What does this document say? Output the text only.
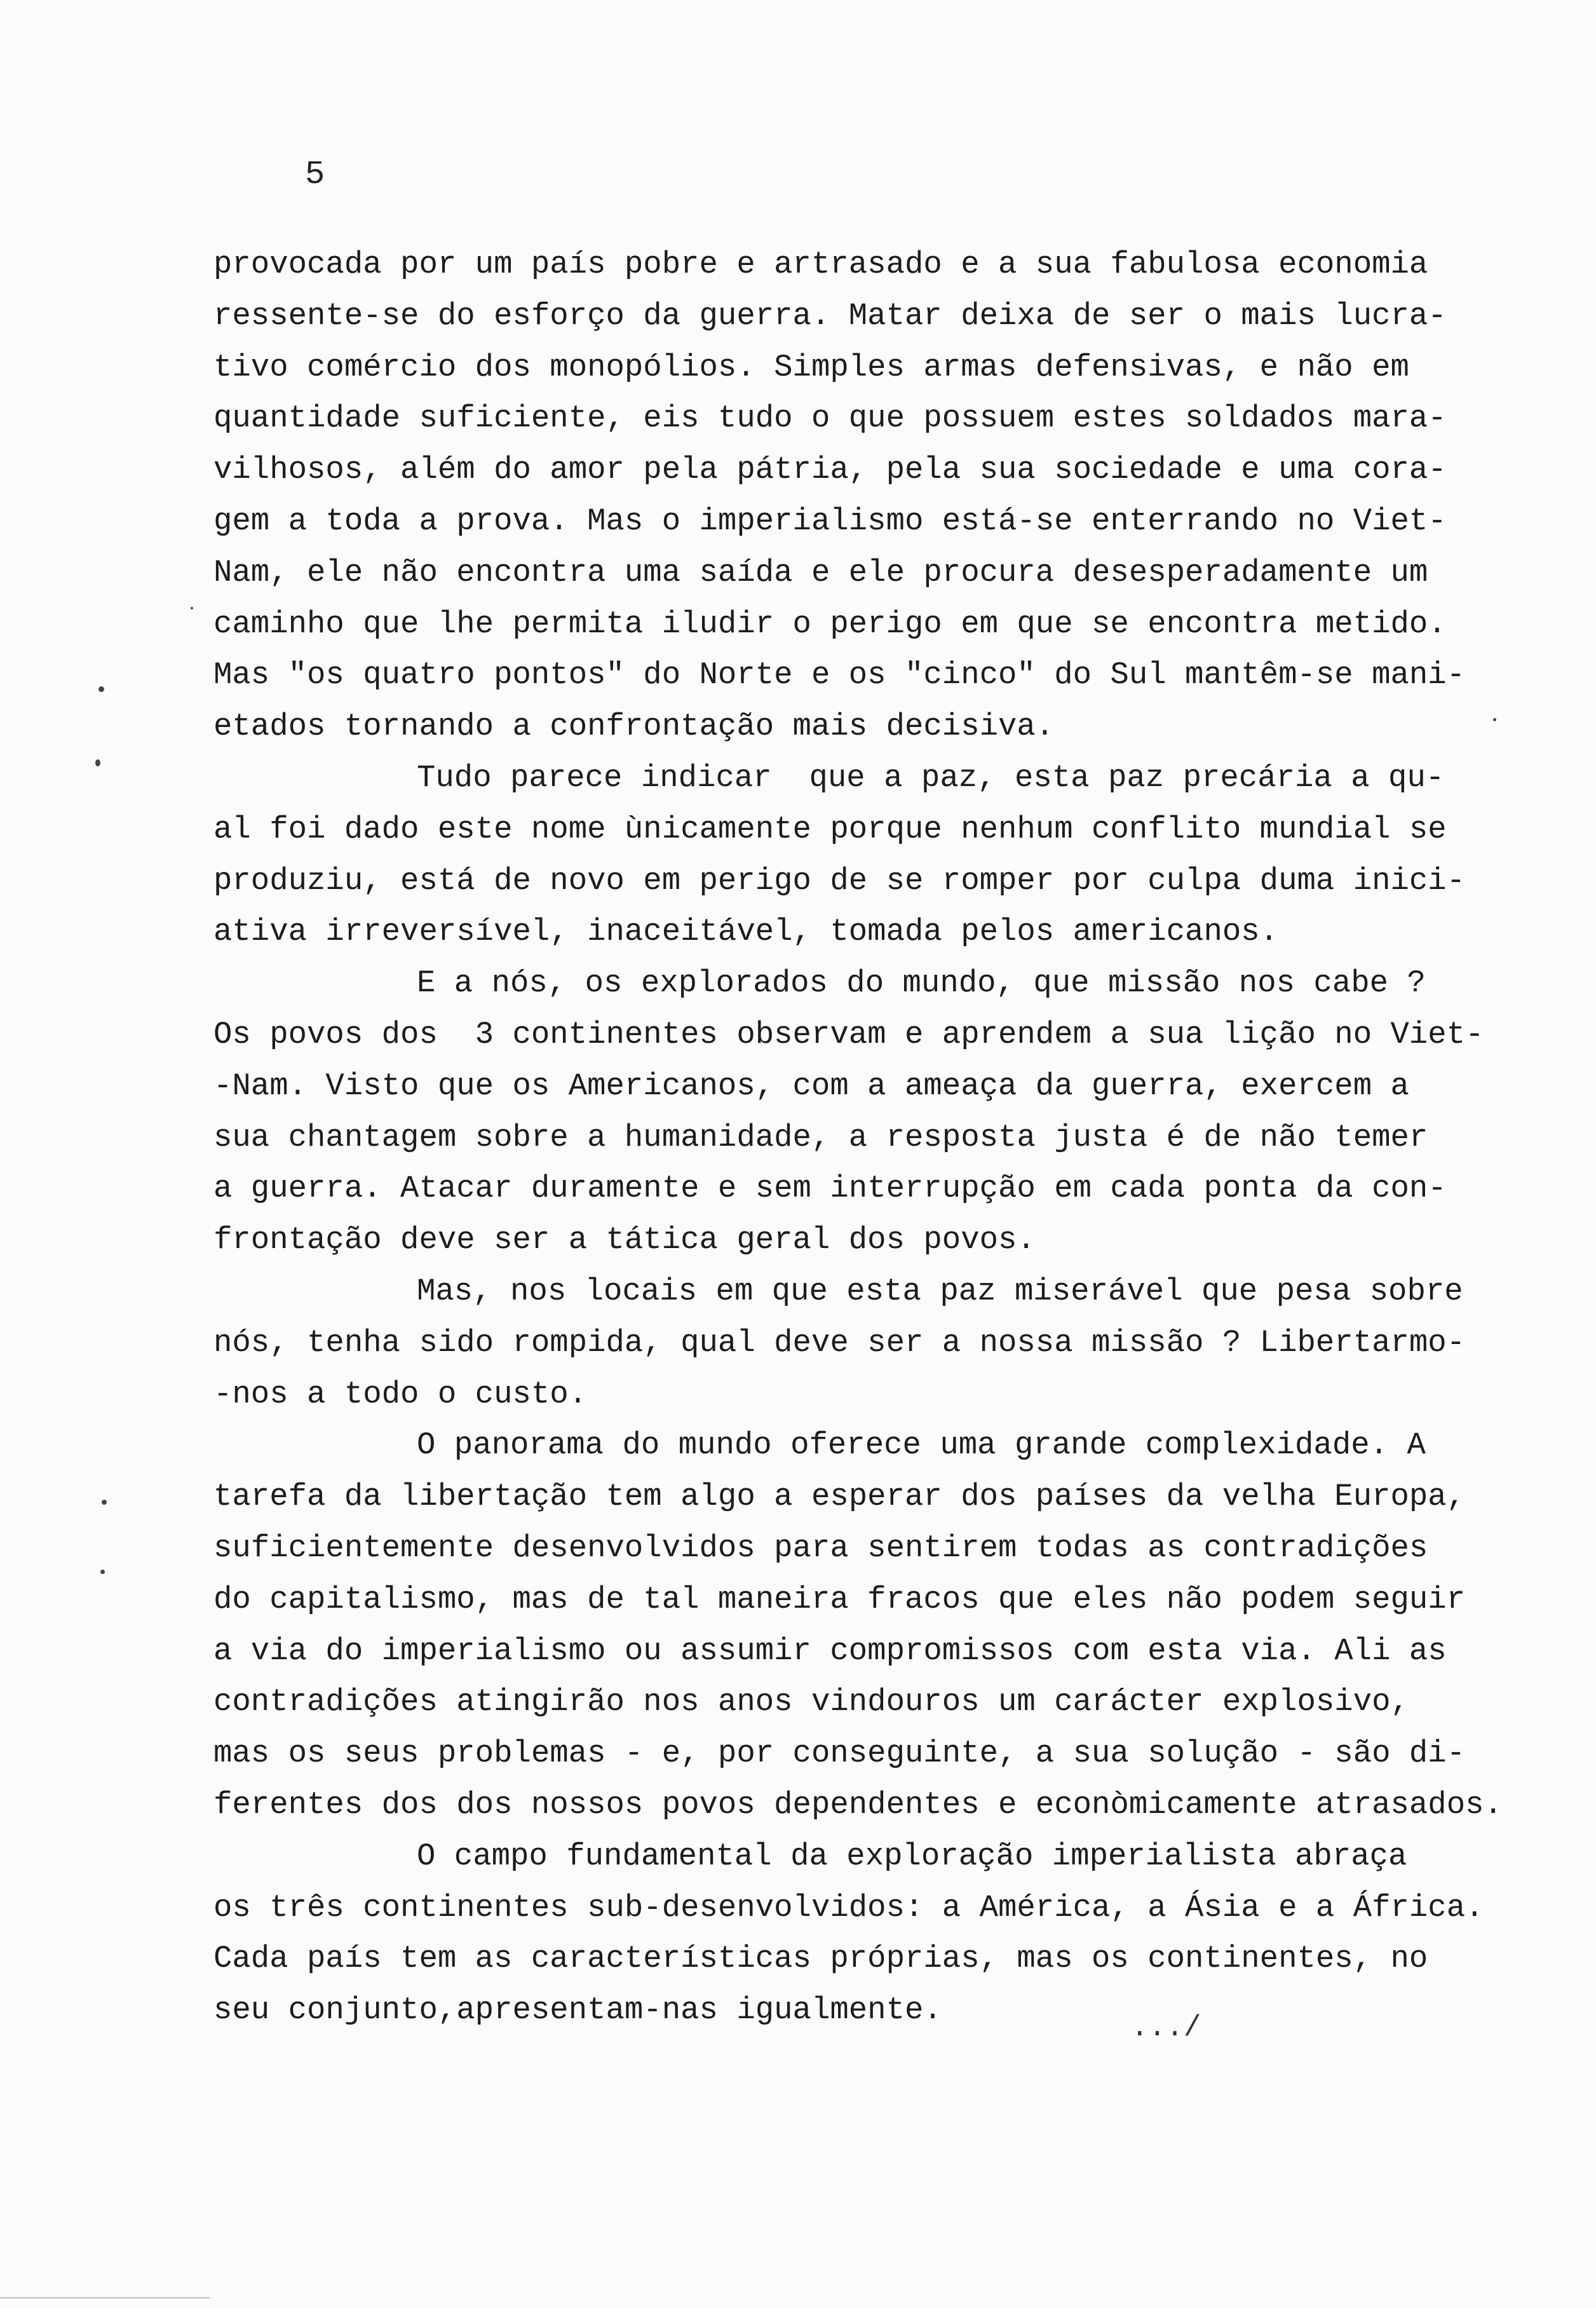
5
provocada por um país pobre e artrasado e a sua fabulosa economia
ressente-se do esforço da guerra. Matar deixa de ser o mais lucra-
tivo comércio dos monopólios. Simples armas defensivas, e não em
quantidade suficiente, eis tudo o que possuem estes soldados mara-
vilhosos, além do amor pela pátria, pela sua sociedade e uma cora-
gem a toda a prova. Mas o imperialismo está-se enterrando no Viet-
Nam, ele não encontra uma saída e ele procura desesperadamente um
caminho que lhe permita iludir o perigo em que se encontra metido.
Mas "os quatro pontos" do Norte e os "cinco" do Sul mantêm-se mani-
etados tornando a confrontação mais decisiva.
Tudo parece indicar  que a paz, esta paz precária a qu-
al foi dado este nome ùnicamente porque nenhum conflito mundial se
produziu, está de novo em perigo de se romper por culpa duma inici-
ativa irreversível, inaceitável, tomada pelos americanos.
E a nós, os explorados do mundo, que missão nos cabe ?
Os povos dos  3 continentes observam e aprendem a sua lição no Viet-
-Nam. Visto que os Americanos, com a ameaça da guerra, exercem a
sua chantagem sobre a humanidade, a resposta justa é de não temer
a guerra. Atacar duramente e sem interrupção em cada ponta da con-
frontação deve ser a tática geral dos povos.
Mas, nos locais em que esta paz miserável que pesa sobre
nós, tenha sido rompida, qual deve ser a nossa missão ? Libertarmo-
-nos a todo o custo.
O panorama do mundo oferece uma grande complexidade. A
tarefa da libertação tem algo a esperar dos países da velha Europa,
suficientemente desenvolvidos para sentirem todas as contradições
do capitalismo, mas de tal maneira fracos que eles não podem seguir
a via do imperialismo ou assumir compromissos com esta via. Ali as
contradições atingirão nos anos vindouros um carácter explosivo,
mas os seus problemas - e, por conseguinte, a sua solução - são di-
ferentes dos dos nossos povos dependentes e econòmicamente atrasados.
O campo fundamental da exploração imperialista abraça
os três continentes sub-desenvolvidos: a América, a Ásia e a África.
Cada país tem as características próprias, mas os continentes, no
seu conjunto,apresentam-nas igualmente.	.../
